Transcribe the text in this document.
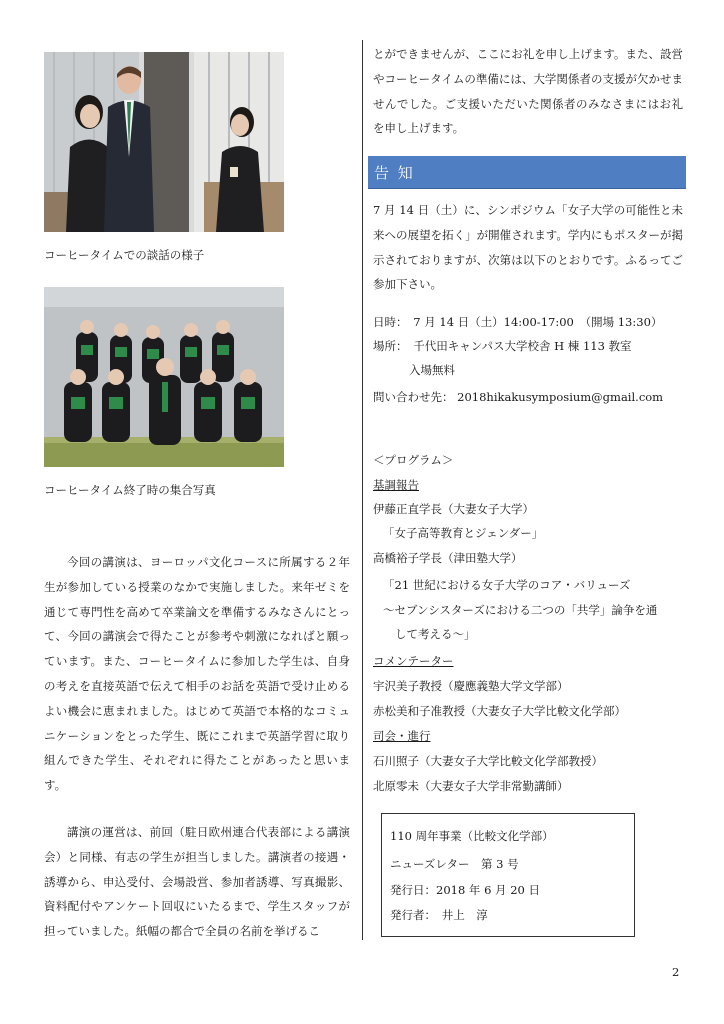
コーヒータイムでの談話の様子
コーヒータイム終了時の集合写真

今回の講演は、ヨーロッパ文化コースに所属する２年生が参加している授業のなかで実施しました。来年ゼミを通じて専門性を高めて卒業論文を準備するみなさんにとって、今回の講演会で得たことが参考や刺激になればと願っています。また、コーヒータイムに参加した学生は、自身の考えを直接英語で伝えて相手のお話を英語で受け止めるよい機会に恵まれました。はじめて英語で本格的なコミュニケーションをとった学生、既にこれまで英語学習に取り組んできた学生、それぞれに得たことがあったと思います。

講演の運営は、前回（駐日欧州連合代表部による講演会）と同様、有志の学生が担当しました。講演者の接遇・誘導から、申込受付、会場設営、参加者誘導、写真撮影、資料配付やアンケート回収にいたるまで、学生スタッフが担っていました。紙幅の都合で全員の名前を挙げるこ

とができませんが、ここにお礼を申し上げます。また、設営やコーヒータイムの準備には、大学関係者の支援が欠かせませんでした。ご支援いただいた関係者のみなさまにはお礼を申し上げます。

告 知

7 月 14 日（土）に、シンポジウム「女子大学の可能性と未来への展望を拓く」が開催されます。学内にもポスターが掲示されておりますが、次第は以下のとおりです。ふるってご参加下さい。

日時：　7 月 14 日（土）14:00-17:00　（開場 13:30）
場所：　千代田キャンパス大学校舎 H 棟 113 教室
入場無料
問い合わせ先： 2018hikakusymposium@gmail.com
＜プログラム＞
基調報告
伊藤正直学長（大妻女子大学）
「女子高等教育とジェンダー」
高橋裕子学長（津田塾大学）
「21 世紀における女子大学のコア・バリューズ
～セブンシスターズにおける二つの「共学」論争を通
して考える～」
コメンテーター
宇沢美子教授（慶應義塾大学文学部）
赤松美和子准教授（大妻女子大学比較文化学部）
司会・進行
石川照子（大妻女子大学比較文化学部教授）
北原零未（大妻女子大学非常勤講師）
110 周年事業（比較文化学部）
ニューズレター　第 3 号
発行日：2018 年 6 月 20 日
発行者：　井上　淳
2
